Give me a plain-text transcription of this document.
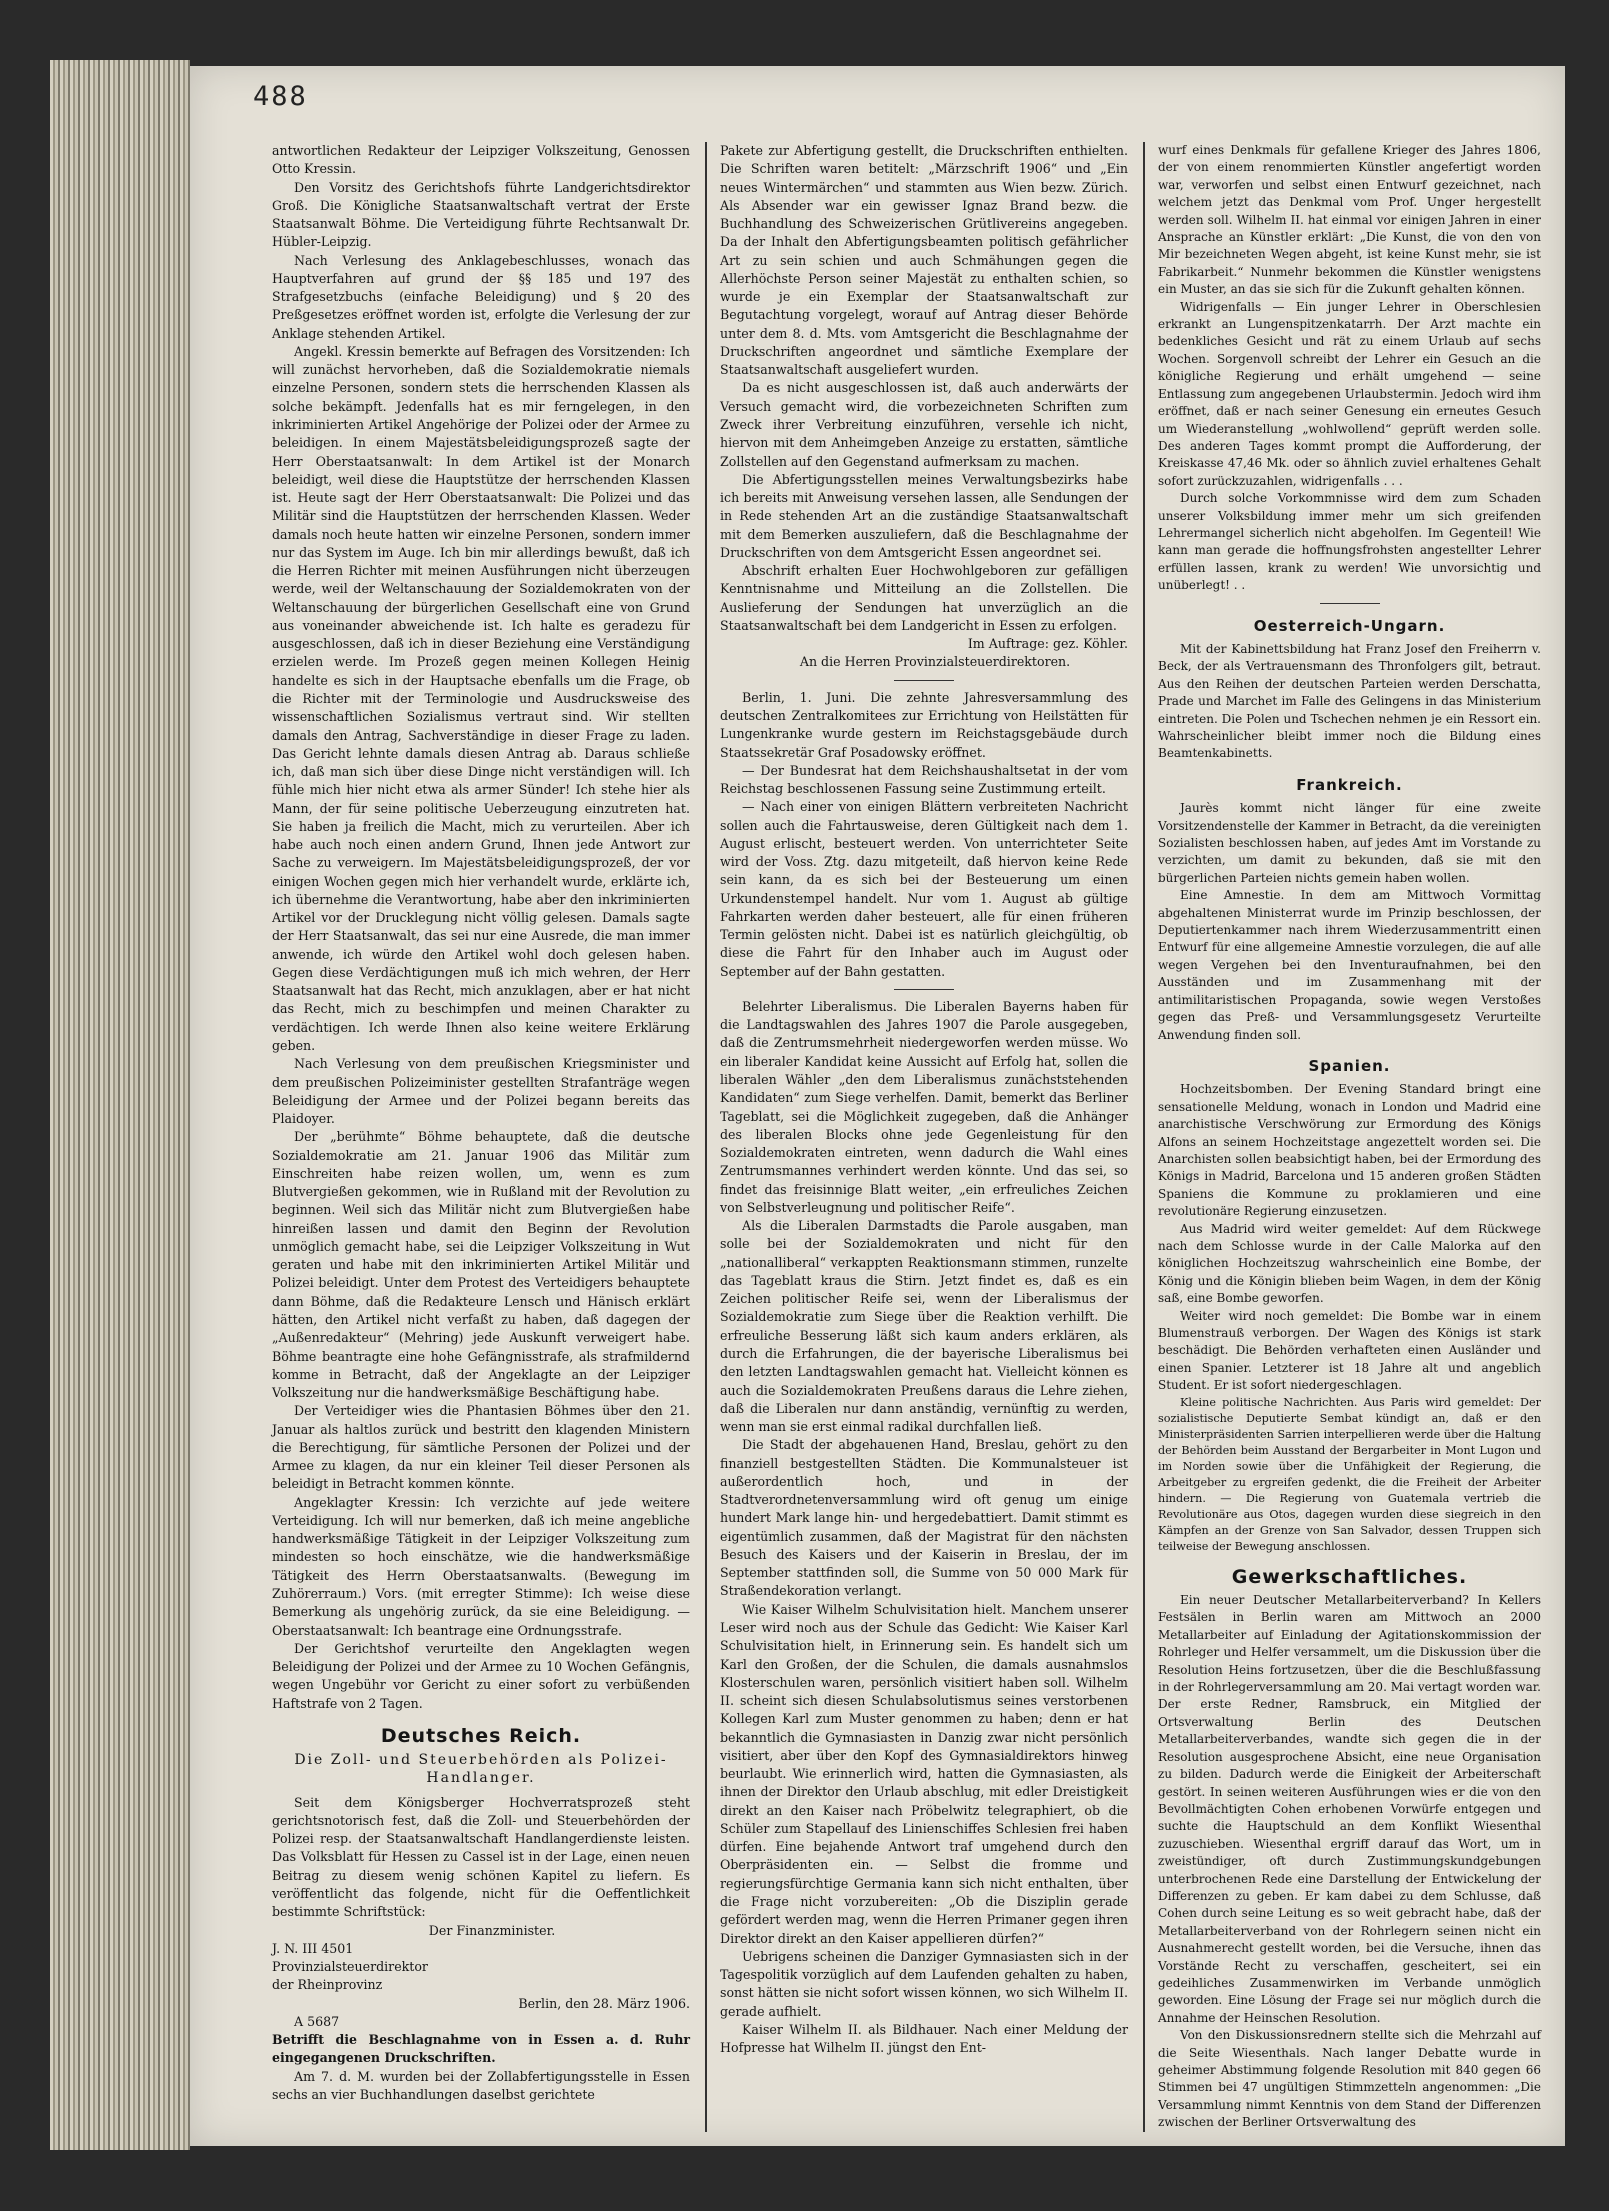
488

antwortlichen Redakteur der Leipziger Volkszeitung, Genossen Otto Kressin.

Den Vorsitz des Gerichtshofs führte Landgerichtsdirektor Groß. Die Königliche Staatsanwaltschaft vertrat der Erste Staatsanwalt Böhme. Die Verteidigung führte Rechtsanwalt Dr. Hübler-Leipzig.

Nach Verlesung des Anklagebeschlusses, wonach das Hauptverfahren auf grund der §§ 185 und 197 des Strafgesetzbuchs (einfache Beleidigung) und § 20 des Preßgesetzes eröffnet worden ist, erfolgte die Verlesung der zur Anklage stehenden Artikel.

Angekl. Kressin bemerkte auf Befragen des Vorsitzenden: Ich will zunächst hervorheben, daß die Sozialdemokratie niemals einzelne Personen, sondern stets die herrschenden Klassen als solche bekämpft. Jedenfalls hat es mir ferngelegen, in den inkriminierten Artikel Angehörige der Polizei oder der Armee zu beleidigen. In einem Majestätsbeleidigungsprozeß sagte der Herr Oberstaatsanwalt: In dem Artikel ist der Monarch beleidigt, weil diese die Hauptstütze der herrschenden Klassen ist. Heute sagt der Herr Oberstaatsanwalt: Die Polizei und das Militär sind die Hauptstützen der herrschenden Klassen. Weder damals noch heute hatten wir einzelne Personen, sondern immer nur das System im Auge. Ich bin mir allerdings bewußt, daß ich die Herren Richter mit meinen Ausführungen nicht überzeugen werde, weil der Weltanschauung der Sozialdemokraten von der Weltanschauung der bürgerlichen Gesellschaft eine von Grund aus voneinander abweichende ist. Ich halte es geradezu für ausgeschlossen, daß ich in dieser Beziehung eine Verständigung erzielen werde. Im Prozeß gegen meinen Kollegen Heinig handelte es sich in der Hauptsache ebenfalls um die Frage, ob die Richter mit der Terminologie und Ausdrucksweise des wissenschaftlichen Sozialismus vertraut sind. Wir stellten damals den Antrag, Sachverständige in dieser Frage zu laden. Das Gericht lehnte damals diesen Antrag ab. Daraus schließe ich, daß man sich über diese Dinge nicht verständigen will. Ich fühle mich hier nicht etwa als armer Sünder! Ich stehe hier als Mann, der für seine politische Ueberzeugung einzutreten hat. Sie haben ja freilich die Macht, mich zu verurteilen. Aber ich habe auch noch einen andern Grund, Ihnen jede Antwort zur Sache zu verweigern. Im Majestätsbeleidigungsprozeß, der vor einigen Wochen gegen mich hier verhandelt wurde, erklärte ich, ich übernehme die Verantwortung, habe aber den inkriminierten Artikel vor der Drucklegung nicht völlig gelesen. Damals sagte der Herr Staatsanwalt, das sei nur eine Ausrede, die man immer anwende, ich würde den Artikel wohl doch gelesen haben. Gegen diese Verdächtigungen muß ich mich wehren, der Herr Staatsanwalt hat das Recht, mich anzuklagen, aber er hat nicht das Recht, mich zu beschimpfen und meinen Charakter zu verdächtigen. Ich werde Ihnen also keine weitere Erklärung geben.

Nach Verlesung von dem preußischen Kriegsminister und dem preußischen Polizeiminister gestellten Strafanträge wegen Beleidigung der Armee und der Polizei begann bereits das Plaidoyer.

Der „berühmte“ Böhme behauptete, daß die deutsche Sozialdemokratie am 21. Januar 1906 das Militär zum Einschreiten habe reizen wollen, um, wenn es zum Blutvergießen gekommen, wie in Rußland mit der Revolution zu beginnen. Weil sich das Militär nicht zum Blutvergießen habe hinreißen lassen und damit den Beginn der Revolution unmöglich gemacht habe, sei die Leipziger Volkszeitung in Wut geraten und habe mit den inkriminierten Artikel Militär und Polizei beleidigt. Unter dem Protest des Verteidigers behauptete dann Böhme, daß die Redakteure Lensch und Hänisch erklärt hätten, den Artikel nicht verfaßt zu haben, daß dagegen der „Außenredakteur“ (Mehring) jede Auskunft verweigert habe. Böhme beantragte eine hohe Gefängnisstrafe, als strafmildernd komme in Betracht, daß der Angeklagte an der Leipziger Volkszeitung nur die handwerksmäßige Beschäftigung habe.

Der Verteidiger wies die Phantasien Böhmes über den 21. Januar als haltlos zurück und bestritt den klagenden Ministern die Berechtigung, für sämtliche Personen der Polizei und der Armee zu klagen, da nur ein kleiner Teil dieser Personen als beleidigt in Betracht kommen könnte.

Angeklagter Kressin: Ich verzichte auf jede weitere Verteidigung. Ich will nur bemerken, daß ich meine angebliche handwerksmäßige Tätigkeit in der Leipziger Volkszeitung zum mindesten so hoch einschätze, wie die handwerksmäßige Tätigkeit des Herrn Oberstaatsanwalts. (Bewegung im Zuhörerraum.) Vors. (mit erregter Stimme): Ich weise diese Bemerkung als ungehörig zurück, da sie eine Beleidigung. — Oberstaatsanwalt: Ich beantrage eine Ordnungsstrafe.

Der Gerichtshof verurteilte den Angeklagten wegen Beleidigung der Polizei und der Armee zu 10 Wochen Gefängnis, wegen Ungebühr vor Gericht zu einer sofort zu verbüßenden Haftstrafe von 2 Tagen.

Deutsches Reich.
Die Zoll- und Steuerbehörden als Polizei-Handlanger.

Seit dem Königsberger Hochverratsprozeß steht gerichtsnotorisch fest, daß die Zoll- und Steuerbehörden der Polizei resp. der Staatsanwaltschaft Handlangerdienste leisten. Das Volksblatt für Hessen zu Cassel ist in der Lage, einen neuen Beitrag zu diesem wenig schönen Kapitel zu liefern. Es veröffentlicht das folgende, nicht für die Oeffentlichkeit bestimmte Schriftstück:

Der Finanzminister.

J. N. III 4501

Provinzialsteuerdirektor

der Rheinprovinz

Berlin, den 28. März 1906.

A 5687

Betrifft die Beschlagnahme von in Essen a. d. Ruhr eingegangenen Druckschriften.

Am 7. d. M. wurden bei der Zollabfertigungsstelle in Essen sechs an vier Buchhandlungen daselbst gerichtete

Pakete zur Abfertigung gestellt, die Druckschriften enthielten. Die Schriften waren betitelt: „Märzschrift 1906“ und „Ein neues Wintermärchen“ und stammten aus Wien bezw. Zürich. Als Absender war ein gewisser Ignaz Brand bezw. die Buchhandlung des Schweizerischen Grütlivereins angegeben. Da der Inhalt den Abfertigungsbeamten politisch gefährlicher Art zu sein schien und auch Schmähungen gegen die Allerhöchste Person seiner Majestät zu enthalten schien, so wurde je ein Exemplar der Staatsanwaltschaft zur Begutachtung vorgelegt, worauf auf Antrag dieser Behörde unter dem 8. d. Mts. vom Amtsgericht die Beschlagnahme der Druckschriften angeordnet und sämtliche Exemplare der Staatsanwaltschaft ausgeliefert wurden.

Da es nicht ausgeschlossen ist, daß auch anderwärts der Versuch gemacht wird, die vorbezeichneten Schriften zum Zweck ihrer Verbreitung einzuführen, versehle ich nicht, hiervon mit dem Anheimgeben Anzeige zu erstatten, sämtliche Zollstellen auf den Gegenstand aufmerksam zu machen.

Die Abfertigungsstellen meines Verwaltungsbezirks habe ich bereits mit Anweisung versehen lassen, alle Sendungen der in Rede stehenden Art an die zuständige Staatsanwaltschaft mit dem Bemerken auszuliefern, daß die Beschlagnahme der Druckschriften von dem Amtsgericht Essen angeordnet sei.

Abschrift erhalten Euer Hochwohlgeboren zur gefälligen Kenntnisnahme und Mitteilung an die Zollstellen. Die Auslieferung der Sendungen hat unverzüglich an die Staatsanwaltschaft bei dem Landgericht in Essen zu erfolgen.

Im Auftrage: gez. Köhler.

An die Herren Provinzialsteuerdirektoren.

Berlin, 1. Juni. Die zehnte Jahresversammlung des deutschen Zentralkomitees zur Errichtung von Heilstätten für Lungenkranke wurde gestern im Reichstagsgebäude durch Staatssekretär Graf Posadowsky eröffnet.

— Der Bundesrat hat dem Reichshaushaltsetat in der vom Reichstag beschlossenen Fassung seine Zustimmung erteilt.

— Nach einer von einigen Blättern verbreiteten Nachricht sollen auch die Fahrtausweise, deren Gültigkeit nach dem 1. August erlischt, besteuert werden. Von unterrichteter Seite wird der Voss. Ztg. dazu mitgeteilt, daß hiervon keine Rede sein kann, da es sich bei der Besteuerung um einen Urkundenstempel handelt. Nur vom 1. August ab gültige Fahrkarten werden daher besteuert, alle für einen früheren Termin gelösten nicht. Dabei ist es natürlich gleichgültig, ob diese die Fahrt für den Inhaber auch im August oder September auf der Bahn gestatten.

Belehrter Liberalismus. Die Liberalen Bayerns haben für die Landtagswahlen des Jahres 1907 die Parole ausgegeben, daß die Zentrumsmehrheit niedergeworfen werden müsse. Wo ein liberaler Kandidat keine Aussicht auf Erfolg hat, sollen die liberalen Wähler „den dem Liberalismus zunächststehenden Kandidaten“ zum Siege verhelfen. Damit, bemerkt das Berliner Tageblatt, sei die Möglichkeit zugegeben, daß die Anhänger des liberalen Blocks ohne jede Gegenleistung für den Sozialdemokraten eintreten, wenn dadurch die Wahl eines Zentrumsmannes verhindert werden könnte. Und das sei, so findet das freisinnige Blatt weiter, „ein erfreuliches Zeichen von Selbstverleugnung und politischer Reife“.

Als die Liberalen Darmstadts die Parole ausgaben, man solle bei der Sozialdemokraten und nicht für den „nationalliberal“ verkappten Reaktionsmann stimmen, runzelte das Tageblatt kraus die Stirn. Jetzt findet es, daß es ein Zeichen politischer Reife sei, wenn der Liberalismus der Sozialdemokratie zum Siege über die Reaktion verhilft. Die erfreuliche Besserung läßt sich kaum anders erklären, als durch die Erfahrungen, die der bayerische Liberalismus bei den letzten Landtagswahlen gemacht hat. Vielleicht können es auch die Sozialdemokraten Preußens daraus die Lehre ziehen, daß die Liberalen nur dann anständig, vernünftig zu werden, wenn man sie erst einmal radikal durchfallen ließ.

Die Stadt der abgehauenen Hand, Breslau, gehört zu den finanziell bestgestellten Städten. Die Kommunalsteuer ist außerordentlich hoch, und in der Stadtverordnetenversammlung wird oft genug um einige hundert Mark lange hin- und hergedebattiert. Damit stimmt es eigentümlich zusammen, daß der Magistrat für den nächsten Besuch des Kaisers und der Kaiserin in Breslau, der im September stattfinden soll, die Summe von 50 000 Mark für Straßendekoration verlangt.

Wie Kaiser Wilhelm Schulvisitation hielt. Manchem unserer Leser wird noch aus der Schule das Gedicht: Wie Kaiser Karl Schulvisitation hielt, in Erinnerung sein. Es handelt sich um Karl den Großen, der die Schulen, die damals ausnahmslos Klosterschulen waren, persönlich visitiert haben soll. Wilhelm II. scheint sich diesen Schulabsolutismus seines verstorbenen Kollegen Karl zum Muster genommen zu haben; denn er hat bekanntlich die Gymnasiasten in Danzig zwar nicht persönlich visitiert, aber über den Kopf des Gymnasialdirektors hinweg beurlaubt. Wie erinnerlich wird, hatten die Gymnasiasten, als ihnen der Direktor den Urlaub abschlug, mit edler Dreistigkeit direkt an den Kaiser nach Pröbelwitz telegraphiert, ob die Schüler zum Stapellauf des Linienschiffes Schlesien frei haben dürfen. Eine bejahende Antwort traf umgehend durch den Oberpräsidenten ein. — Selbst die fromme und regierungsfürchtige Germania kann sich nicht enthalten, über die Frage nicht vorzubereiten: „Ob die Disziplin gerade gefördert werden mag, wenn die Herren Primaner gegen ihren Direktor direkt an den Kaiser appellieren dürfen?“

Uebrigens scheinen die Danziger Gymnasiasten sich in der Tagespolitik vorzüglich auf dem Laufenden gehalten zu haben, sonst hätten sie nicht sofort wissen können, wo sich Wilhelm II. gerade aufhielt.

Kaiser Wilhelm II. als Bildhauer. Nach einer Meldung der Hofpresse hat Wilhelm II. jüngst den Ent-

wurf eines Denkmals für gefallene Krieger des Jahres 1806, der von einem renommierten Künstler angefertigt worden war, verworfen und selbst einen Entwurf gezeichnet, nach welchem jetzt das Denkmal vom Prof. Unger hergestellt werden soll. Wilhelm II. hat einmal vor einigen Jahren in einer Ansprache an Künstler erklärt: „Die Kunst, die von den von Mir bezeichneten Wegen abgeht, ist keine Kunst mehr, sie ist Fabrikarbeit.“ Nunmehr bekommen die Künstler wenigstens ein Muster, an das sie sich für die Zukunft gehalten können.

Widrigenfalls — Ein junger Lehrer in Oberschlesien erkrankt an Lungenspitzenkatarrh. Der Arzt machte ein bedenkliches Gesicht und rät zu einem Urlaub auf sechs Wochen. Sorgenvoll schreibt der Lehrer ein Gesuch an die königliche Regierung und erhält umgehend — seine Entlassung zum angegebenen Urlaubstermin. Jedoch wird ihm eröffnet, daß er nach seiner Genesung ein erneutes Gesuch um Wiederanstellung „wohlwollend“ geprüft werden solle. Des anderen Tages kommt prompt die Aufforderung, der Kreiskasse 47,46 Mk. oder so ähnlich zuviel erhaltenes Gehalt sofort zurückzuzahlen, widrigenfalls . . .

Durch solche Vorkommnisse wird dem zum Schaden unserer Volksbildung immer mehr um sich greifenden Lehrermangel sicherlich nicht abgeholfen. Im Gegenteil! Wie kann man gerade die hoffnungsfrohsten angestellter Lehrer erfüllen lassen, krank zu werden! Wie unvorsichtig und unüberlegt! . .

Oesterreich-Ungarn.

Mit der Kabinettsbildung hat Franz Josef den Freiherrn v. Beck, der als Vertrauensmann des Thronfolgers gilt, betraut. Aus den Reihen der deutschen Parteien werden Derschatta, Prade und Marchet im Falle des Gelingens in das Ministerium eintreten. Die Polen und Tschechen nehmen je ein Ressort ein. Wahrscheinlicher bleibt immer noch die Bildung eines Beamtenkabinetts.

Frankreich.

Jaurès kommt nicht länger für eine zweite Vorsitzendenstelle der Kammer in Betracht, da die vereinigten Sozialisten beschlossen haben, auf jedes Amt im Vorstande zu verzichten, um damit zu bekunden, daß sie mit den bürgerlichen Parteien nichts gemein haben wollen.

Eine Amnestie. In dem am Mittwoch Vormittag abgehaltenen Ministerrat wurde im Prinzip beschlossen, der Deputiertenkammer nach ihrem Wiederzusammentritt einen Entwurf für eine allgemeine Amnestie vorzulegen, die auf alle wegen Vergehen bei den Inventuraufnahmen, bei den Ausständen und im Zusammenhang mit der antimilitaristischen Propaganda, sowie wegen Verstoßes gegen das Preß- und Versammlungsgesetz Verurteilte Anwendung finden soll.

Spanien.

Hochzeitsbomben. Der Evening Standard bringt eine sensationelle Meldung, wonach in London und Madrid eine anarchistische Verschwörung zur Ermordung des Königs Alfons an seinem Hochzeitstage angezettelt worden sei. Die Anarchisten sollen beabsichtigt haben, bei der Ermordung des Königs in Madrid, Barcelona und 15 anderen großen Städten Spaniens die Kommune zu proklamieren und eine revolutionäre Regierung einzusetzen.

Aus Madrid wird weiter gemeldet: Auf dem Rückwege nach dem Schlosse wurde in der Calle Malorka auf den königlichen Hochzeitszug wahrscheinlich eine Bombe, der König und die Königin blieben beim Wagen, in dem der König saß, eine Bombe geworfen.

Weiter wird noch gemeldet: Die Bombe war in einem Blumenstrauß verborgen. Der Wagen des Königs ist stark beschädigt. Die Behörden verhafteten einen Ausländer und einen Spanier. Letzterer ist 18 Jahre alt und angeblich Student. Er ist sofort niedergeschlagen.

Kleine politische Nachrichten. Aus Paris wird gemeldet: Der sozialistische Deputierte Sembat kündigt an, daß er den Ministerpräsidenten Sarrien interpellieren werde über die Haltung der Behörden beim Ausstand der Bergarbeiter in Mont Lugon und im Norden sowie über die Unfähigkeit der Regierung, die Arbeitgeber zu ergreifen gedenkt, die die Freiheit der Arbeiter hindern. — Die Regierung von Guatemala vertrieb die Revolutionäre aus Otos, dagegen wurden diese siegreich in den Kämpfen an der Grenze von San Salvador, dessen Truppen sich teilweise der Bewegung anschlossen.

Gewerkschaftliches.

Ein neuer Deutscher Metallarbeiterverband? In Kellers Festsälen in Berlin waren am Mittwoch an 2000 Metallarbeiter auf Einladung der Agitationskommission der Rohrleger und Helfer versammelt, um die Diskussion über die Resolution Heins fortzusetzen, über die die Beschlußfassung in der Rohrlegerversammlung am 20. Mai vertagt worden war. Der erste Redner, Ramsbruck, ein Mitglied der Ortsverwaltung Berlin des Deutschen Metallarbeiterverbandes, wandte sich gegen die in der Resolution ausgesprochene Absicht, eine neue Organisation zu bilden. Dadurch werde die Einigkeit der Arbeiterschaft gestört. In seinen weiteren Ausführungen wies er die von den Bevollmächtigten Cohen erhobenen Vorwürfe entgegen und suchte die Hauptschuld an dem Konflikt Wiesenthal zuzuschieben. Wiesenthal ergriff darauf das Wort, um in zweistündiger, oft durch Zustimmungskundgebungen unterbrochenen Rede eine Darstellung der Entwickelung der Differenzen zu geben. Er kam dabei zu dem Schlusse, daß Cohen durch seine Leitung es so weit gebracht habe, daß der Metallarbeiterverband von der Rohrlegern seinen nicht ein Ausnahmerecht gestellt worden, bei die Versuche, ihnen das Vorstände Recht zu verschaffen, gescheitert, sei ein gedeihliches Zusammenwirken im Verbande unmöglich geworden. Eine Lösung der Frage sei nur möglich durch die Annahme der Heinschen Resolution.

Von den Diskussionsrednern stellte sich die Mehrzahl auf die Seite Wiesenthals. Nach langer Debatte wurde in geheimer Abstimmung folgende Resolution mit 840 gegen 66 Stimmen bei 47 ungültigen Stimmzetteln angenommen: „Die Versammlung nimmt Kenntnis von dem Stand der Differenzen zwischen der Berliner Ortsverwaltung des
